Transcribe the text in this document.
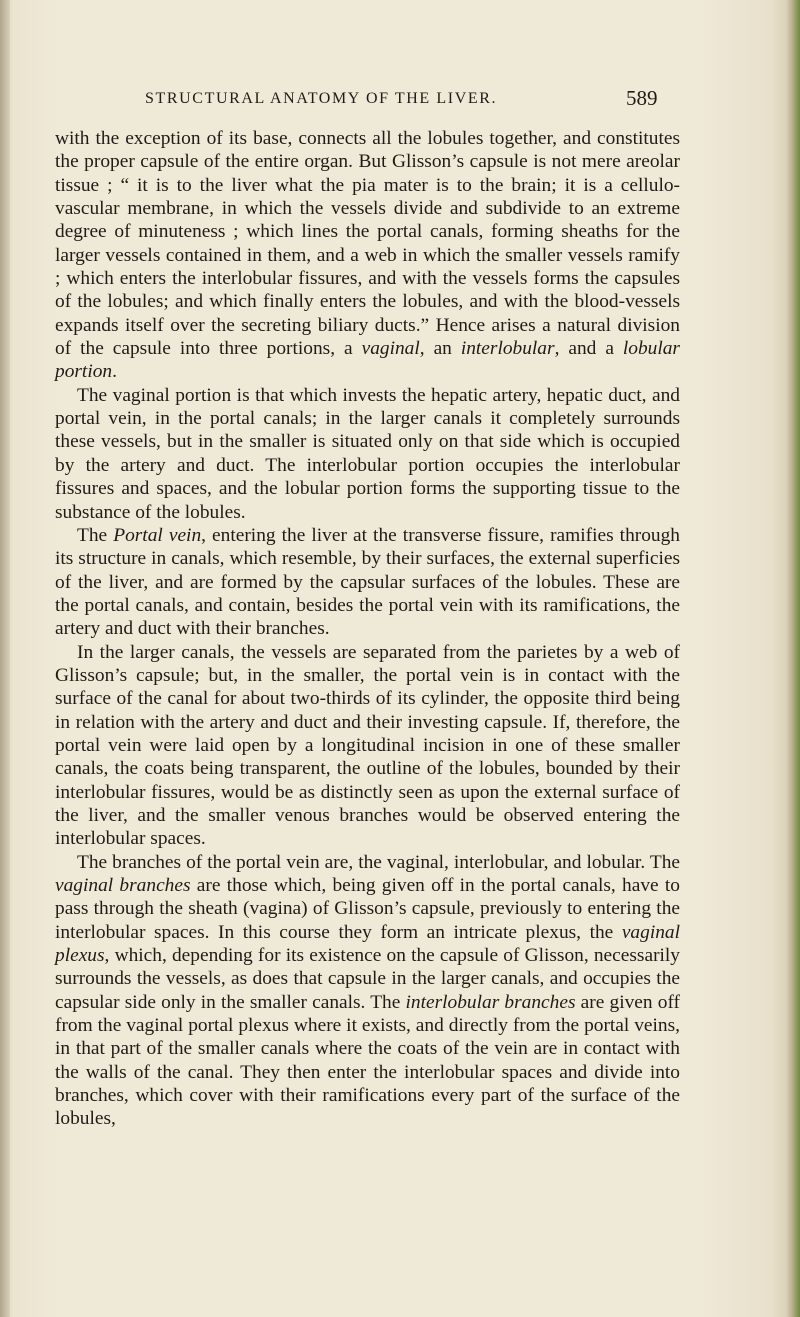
STRUCTURAL ANATOMY OF THE LIVER.	589

with the exception of its base, connects all the lobules together, and constitutes the proper capsule of the entire organ. But Glisson’s capsule is not mere areolar tissue ; “ it is to the liver what the pia mater is to the brain; it is a cellulo-vascular membrane, in which the vessels divide and subdivide to an extreme degree of minuteness ; which lines the portal canals, forming sheaths for the larger vessels contained in them, and a web in which the smaller vessels ramify ; which enters the interlobular fissures, and with the vessels forms the capsules of the lobules; and which finally enters the lobules, and with the blood-vessels expands itself over the secreting biliary ducts.” Hence arises a natural division of the capsule into three portions, a vaginal, an interlobular, and a lobular portion.

The vaginal portion is that which invests the hepatic artery, hepatic duct, and portal vein, in the portal canals; in the larger canals it completely surrounds these vessels, but in the smaller is situated only on that side which is occupied by the artery and duct. The interlobular portion occupies the interlobular fissures and spaces, and the lobular portion forms the supporting tissue to the substance of the lobules.

The Portal vein, entering the liver at the transverse fissure, ramifies through its structure in canals, which resemble, by their surfaces, the external superficies of the liver, and are formed by the capsular surfaces of the lobules. These are the portal canals, and contain, besides the portal vein with its ramifications, the artery and duct with their branches.

In the larger canals, the vessels are separated from the parietes by a web of Glisson’s capsule; but, in the smaller, the portal vein is in contact with the surface of the canal for about two-thirds of its cylinder, the opposite third being in relation with the artery and duct and their investing capsule. If, therefore, the portal vein were laid open by a longitudinal incision in one of these smaller canals, the coats being transparent, the outline of the lobules, bounded by their interlobular fissures, would be as distinctly seen as upon the external surface of the liver, and the smaller venous branches would be observed entering the interlobular spaces.

The branches of the portal vein are, the vaginal, interlobular, and lobular. The vaginal branches are those which, being given off in the portal canals, have to pass through the sheath (vagina) of Glisson’s capsule, previously to entering the interlobular spaces. In this course they form an intricate plexus, the vaginal plexus, which, depending for its existence on the capsule of Glisson, necessarily surrounds the vessels, as does that capsule in the larger canals, and occupies the capsular side only in the smaller canals. The interlobular branches are given off from the vaginal portal plexus where it exists, and directly from the portal veins, in that part of the smaller canals where the coats of the vein are in contact with the walls of the canal. They then enter the interlobular spaces and divide into branches, which cover with their ramifications every part of the surface of the lobules,
